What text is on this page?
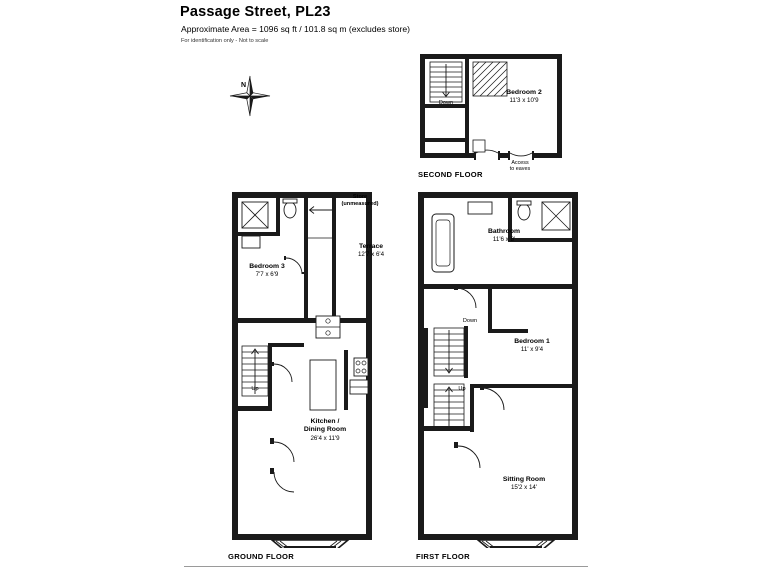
Passage Street, PL23
Approximate Area = 1096 sq ft / 101.8 sq m (excludes store)
For identification only - Not to scale
N
Bedroom 2
11'3 x 10'9
Down
Access
to eaves
SECOND FLOOR
Store
(unmeasured)
Terrace
12'7 x 6'4
Bedroom 3
7'7 x 6'9
Kitchen /
Dining Room
26'4 x 11'9
Up
GROUND FLOOR
Bathroom
11'6 x 8'
Bedroom 1
11' x 9'4
Sitting Room
15'2 x 14'
Down
Up
FIRST FLOOR
